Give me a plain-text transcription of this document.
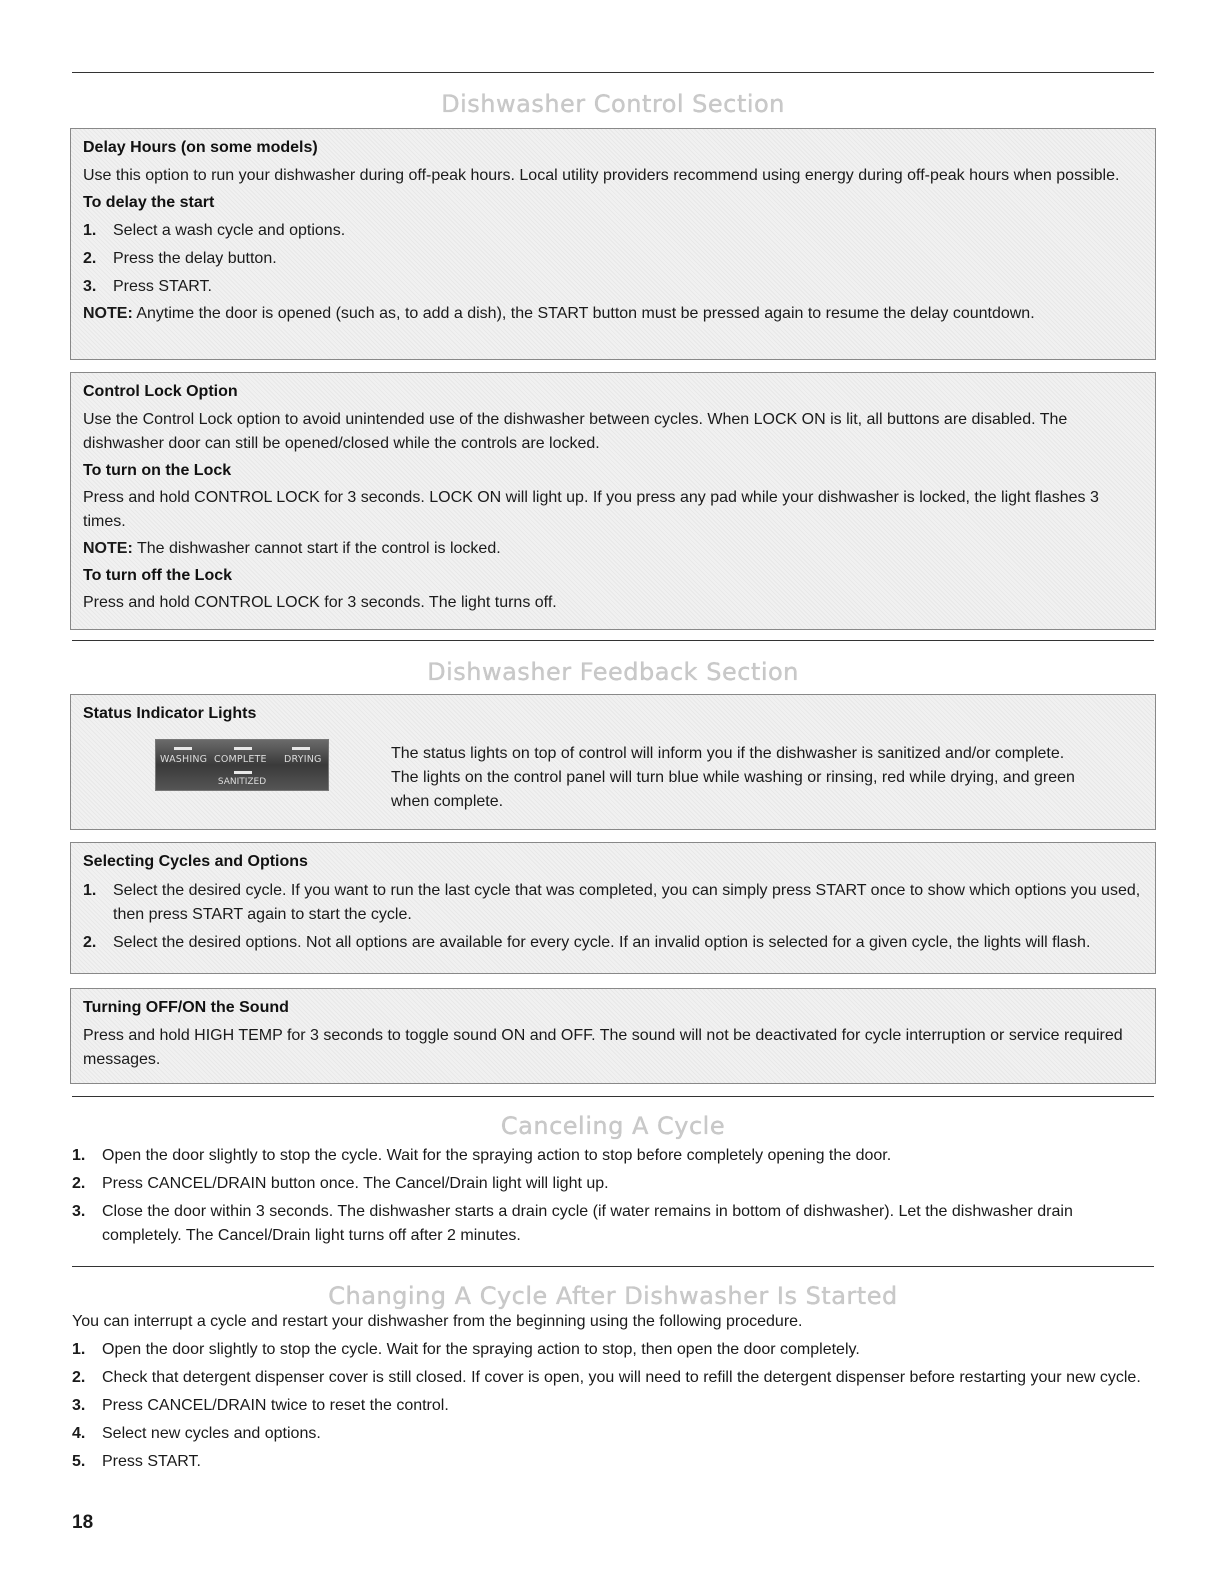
Dishwasher Control Section
Delay Hours (on some models)

Use this option to run your dishwasher during off-peak hours. Local utility providers recommend using energy during off-peak hours when possible.

To delay the start
1.	Select a wash cycle and options.
2.	Press the delay button.
3.	Press START.

NOTE: Anytime the door is opened (such as, to add a dish), the START button must be pressed again to resume the delay countdown.

Control Lock Option

Use the Control Lock option to avoid unintended use of the dishwasher between cycles. When LOCK ON is lit, all buttons are disabled. The dishwasher door can still be opened/closed while the controls are locked.

To turn on the Lock

Press and hold CONTROL LOCK for 3 seconds. LOCK ON will light up. If you press any pad while your dishwasher is locked, the light flashes 3 times.

NOTE: The dishwasher cannot start if the control is locked.

To turn off the Lock

Press and hold CONTROL LOCK for 3 seconds. The light turns off.

Dishwasher Feedback Section
Status Indicator Lights
WASHING COMPLETE DRYING
SANITIZED

The status lights on top of control will inform you if the dishwasher is sanitized and/or complete. The lights on the control panel will turn blue while washing or rinsing, red while drying, and green when complete.

Selecting Cycles and Options
1.	Select the desired cycle. If you want to run the last cycle that was completed, you can simply press START once to show which options you used, then press START again to start the cycle.
2.	Select the desired options. Not all options are available for every cycle. If an invalid option is selected for a given cycle, the lights will flash.
Turning OFF/ON the Sound

Press and hold HIGH TEMP for 3 seconds to toggle sound ON and OFF. The sound will not be deactivated for cycle interruption or service required messages.

Canceling A Cycle
1.	Open the door slightly to stop the cycle. Wait for the spraying action to stop before completely opening the door.
2.	Press CANCEL/DRAIN button once. The Cancel/Drain light will light up.
3.	Close the door within 3 seconds. The dishwasher starts a drain cycle (if water remains in bottom of dishwasher). Let the dishwasher drain completely. The Cancel/Drain light turns off after 2 minutes.
Changing A Cycle After Dishwasher Is Started

You can interrupt a cycle and restart your dishwasher from the beginning using the following procedure.

1.	Open the door slightly to stop the cycle. Wait for the spraying action to stop, then open the door completely.
2.	Check that detergent dispenser cover is still closed. If cover is open, you will need to refill the detergent dispenser before restarting your new cycle.
3.	Press CANCEL/DRAIN twice to reset the control.
4.	Select new cycles and options.
5.	Press START.
18
